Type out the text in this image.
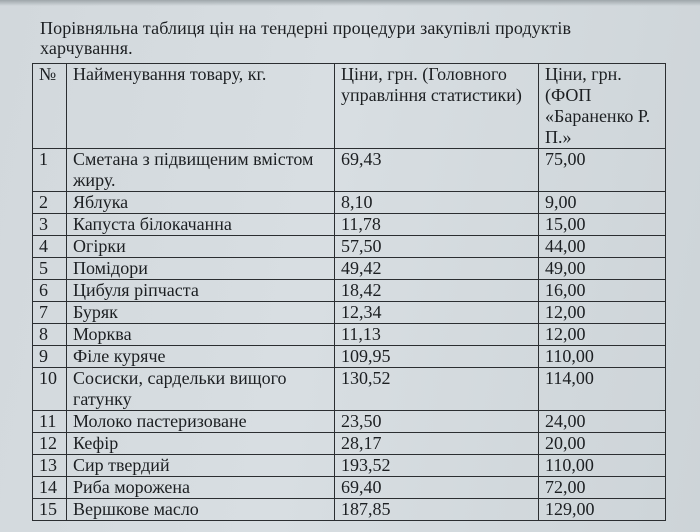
Порівняльна таблиця цін на тендерні процедури закупівлі продуктів харчування.
№	Найменування товару, кг.	Ціни, грн. (Головного управління статистики)	Ціни, грн. (ФОП «Бараненко Р. П.»
1	Сметана з підвищеним вмістом жиру.	69,43	75,00
2	Яблука	8,10	9,00
3	Капуста білокачанна	11,78	15,00
4	Огірки	57,50	44,00
5	Помідори	49,42	49,00
6	Цибуля ріпчаста	18,42	16,00
7	Буряк	12,34	12,00
8	Морква	11,13	12,00
9	Філе куряче	109,95	110,00
10	Сосиски, сардельки вищого гатунку	130,52	114,00
11	Молоко пастеризоване	23,50	24,00
12	Кефір	28,17	20,00
13	Сир твердий	193,52	110,00
14	Риба морожена	69,40	72,00
15	Вершкове масло	187,85	129,00
